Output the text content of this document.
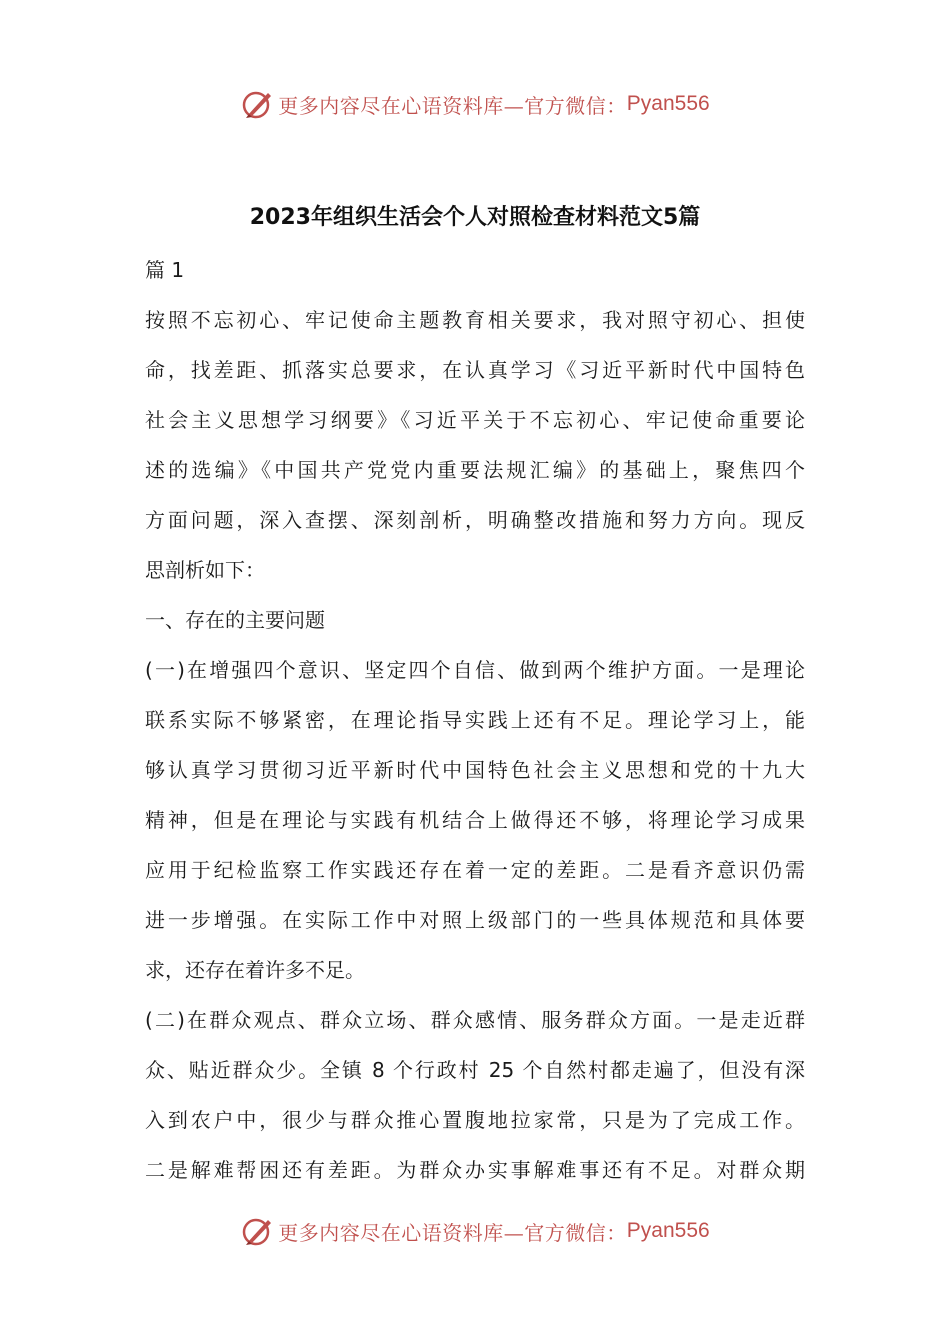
更多内容尽在心语资料库—官方微信： Pyan556
2023年组织生活会个人对照检查材料范文5篇
篇 1
按照不忘初心、牢记使命主题教育相关要求，我对照守初心、担使
命，找差距、抓落实总要求，在认真学习《习近平新时代中国特色
社会主义思想学习纲要》《习近平关于不忘初心、牢记使命重要论
述的选编》《中国共产党党内重要法规汇编》的基础上，聚焦四个
方面问题，深入查摆、深刻剖析，明确整改措施和努力方向。现反
思剖析如下：
一、存在的主要问题
(一)在增强四个意识、坚定四个自信、做到两个维护方面。一是理论
联系实际不够紧密，在理论指导实践上还有不足。理论学习上，能
够认真学习贯彻习近平新时代中国特色社会主义思想和党的十九大
精神，但是在理论与实践有机结合上做得还不够，将理论学习成果
应用于纪检监察工作实践还存在着一定的差距。二是看齐意识仍需
进一步增强。在实际工作中对照上级部门的一些具体规范和具体要
求，还存在着许多不足。
(二)在群众观点、群众立场、群众感情、服务群众方面。一是走近群
众、贴近群众少。全镇 8 个行政村 25 个自然村都走遍了，但没有深
入到农户中，很少与群众推心置腹地拉家常，只是为了完成工作。
二是解难帮困还有差距。为群众办实事解难事还有不足。对群众期
更多内容尽在心语资料库—官方微信： Pyan556
